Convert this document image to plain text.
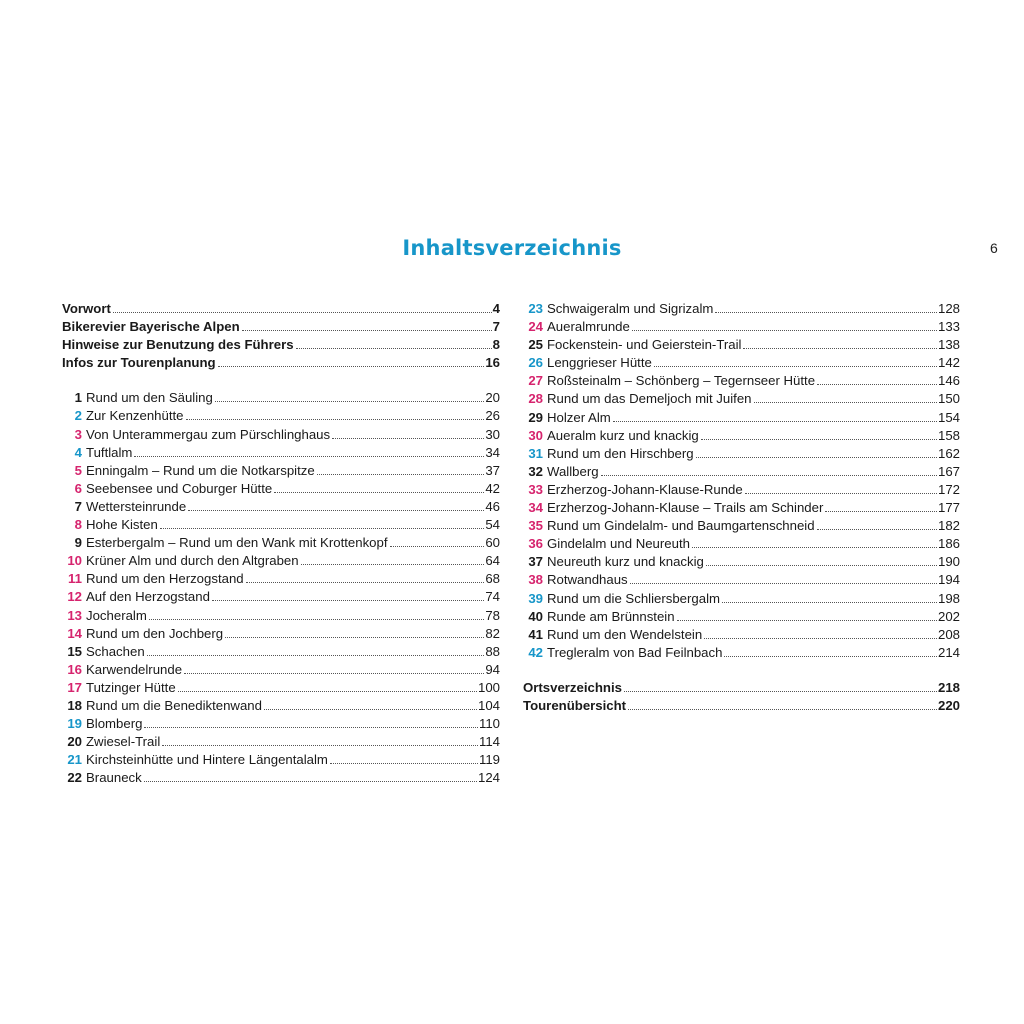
Inhaltsverzeichnis	6
Vorwort	4
Bikerevier Bayerische Alpen	7
Hinweise zur Benutzung des Führers	8
Infos zur Tourenplanung	16
1 Rund um den Säuling	20
2 Zur Kenzenhütte	26
3 Von Unterammergau zum Pürschlinghaus	30
4 Tuftlalm	34
5 Enningalm – Rund um die Notkarspitze	37
6 Seebensee und Coburger Hütte	42
7 Wettersteinrunde	46
8 Hohe Kisten	54
9 Esterbergalm – Rund um den Wank mit Krottenkopf	60
10 Krüner Alm und durch den Altgraben	64
11 Rund um den Herzogstand	68
12 Auf den Herzogstand	74
13 Jocheralm	78
14 Rund um den Jochberg	82
15 Schachen	88
16 Karwendelrunde	94
17 Tutzinger Hütte	100
18 Rund um die Benediktenwand	104
19 Blomberg	110
20 Zwiesel-Trail	114
21 Kirchsteinhütte und Hintere Längentalalm	119
22 Brauneck	124
23 Schwaigeralm und Sigrizalm	128
24 Aueralmrunde	133
25 Fockenstein- und Geierstein-Trail	138
26 Lenggrieser Hütte	142
27 Roßsteinalm – Schönberg – Tegernseer Hütte	146
28 Rund um das Demeljoch mit Juifen	150
29 Holzer Alm	154
30 Aueralm kurz und knackig	158
31 Rund um den Hirschberg	162
32 Wallberg	167
33 Erzherzog-Johann-Klause-Runde	172
34 Erzherzog-Johann-Klause – Trails am Schinder	177
35 Rund um Gindelalm- und Baumgartenschneid	182
36 Gindelalm und Neureuth	186
37 Neureuth kurz und knackig	190
38 Rotwandhaus	194
39 Rund um die Schliersbergalm	198
40 Runde am Brünnstein	202
41 Rund um den Wendelstein	208
42 Tregleralm von Bad Feilnbach	214
Ortsverzeichnis	218
Tourenübersicht	220
